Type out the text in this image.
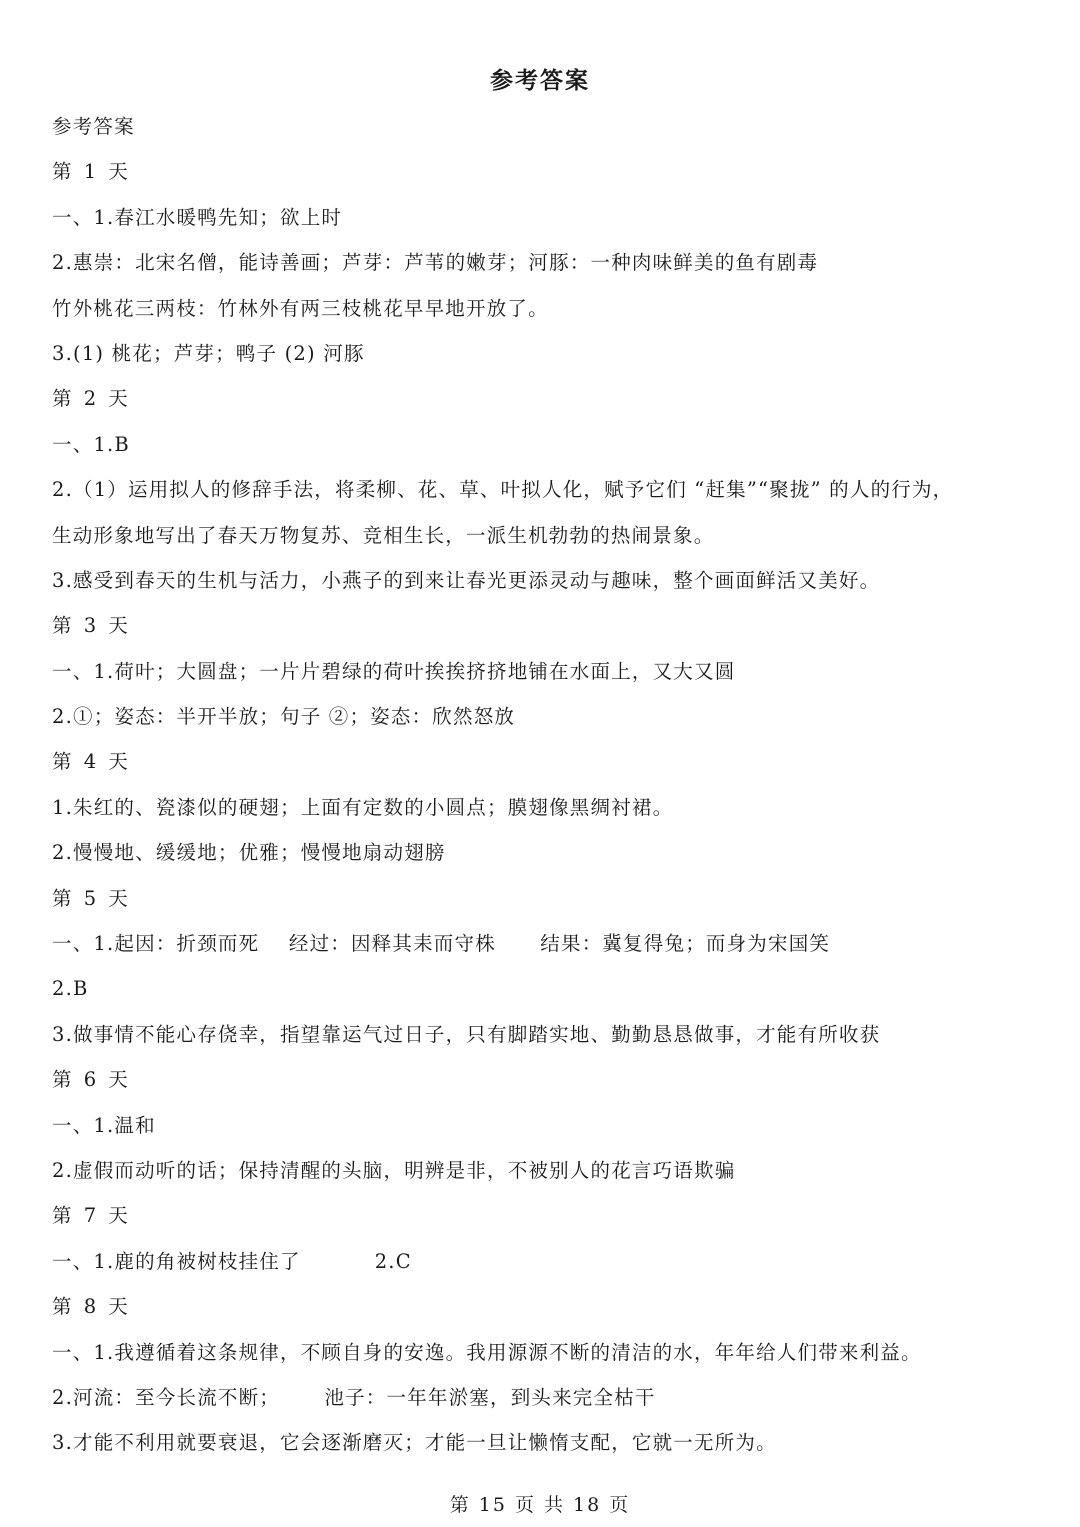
参考答案
参考答案
第 1 天
一、1.春江水暖鸭先知；欲上时
2.惠崇：北宋名僧，能诗善画；芦芽：芦苇的嫩芽；河豚：一种肉味鲜美的鱼有剧毒
竹外桃花三两枝：竹林外有两三枝桃花早早地开放了。
3.(1) 桃花；芦芽；鸭子 (2) 河豚
第 2 天
一、1.B
2.（1）运用拟人的修辞手法，将柔柳、花、草、叶拟人化，赋予它们 “赶集”“聚拢” 的人的行为，
生动形象地写出了春天万物复苏、竞相生长，一派生机勃勃的热闹景象。
3.感受到春天的生机与活力，小燕子的到来让春光更添灵动与趣味，整个画面鲜活又美好。
第 3 天
一、1.荷叶；大圆盘；一片片碧绿的荷叶挨挨挤挤地铺在水面上，又大又圆
2.①；姿态：半开半放；句子 ②；姿态：欣然怒放
第 4 天
1.朱红的、瓷漆似的硬翅；上面有定数的小圆点；膜翅像黑绸衬裙。
2.慢慢地、缓缓地；优雅；慢慢地扇动翅膀
第 5 天
一、1.起因：折颈而死    经过：因释其耒而守株      结果：冀复得兔；而身为宋国笑
2.B
3.做事情不能心存侥幸，指望靠运气过日子，只有脚踏实地、勤勤恳恳做事，才能有所收获
第 6 天
一、1.温和
2.虚假而动听的话；保持清醒的头脑，明辨是非，不被别人的花言巧语欺骗
第 7 天
一、1.鹿的角被树枝挂住了          2.C
第 8 天
一、1.我遵循着这条规律，不顾自身的安逸。我用源源不断的清洁的水，年年给人们带来利益。
2.河流：至今长流不断；      池子：一年年淤塞，到头来完全枯干
3.才能不利用就要衰退，它会逐渐磨灭；才能一旦让懒惰支配，它就一无所为。
第 15 页 共 18 页
